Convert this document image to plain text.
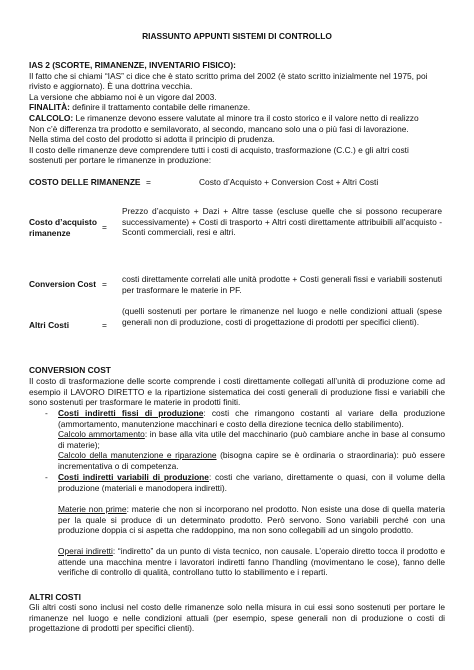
RIASSUNTO APPUNTI SISTEMI DI CONTROLLO
IAS 2 (SCORTE, RIMANENZE, INVENTARIO FISICO):
Il fatto che si chiami “IAS” ci dice che è stato scritto prima del 2002 (è stato scritto inizialmente nel 1975, poi
rivisto e aggiornato). È una dottrina vecchia.
La versione che abbiamo noi è un vigore dal 2003.
FINALITÀ: definire il trattamento contabile delle rimanenze.
CALCOLO: Le rimanenze devono essere valutate al minore tra il costo storico e il valore netto di realizzo
Non c’è differenza tra prodotto e semilavorato, al secondo, mancano solo una o più fasi di lavorazione.
Nella stima del costo del prodotto si adotta il principio di prudenza.
Il costo delle rimanenze deve comprendere tutti i costi di acquisto, trasformazione (C.C.) e gli altri costi
sostenuti per portare le rimanenze in produzione:
COSTO DELLE RIMANENZE =	Costo d’Acquisto + Conversion Cost + Altri Costi
Costo d’acquisto
rimanenze
=
Prezzo d’acquisto + Dazi + Altre tasse (escluse quelle che si possono recuperare successivamente) + Costi di trasporto + Altri costi direttamente attribuibili all’acquisto - Sconti commerciali, resi e altri.
Conversion Cost = costi direttamente correlati alle unità prodotte + Costi generali fissi e variabili sostenuti per trasformare le materie in PF.
Altri Costi	=
(quelli sostenuti per portare le rimanenze nel luogo e nelle condizioni attuali (spese generali non di produzione, costi di progettazione di prodotti per specifici clienti).
CONVERSION COST
Il costo di trasformazione delle scorte comprende i costi direttamente collegati all’unità di produzione come ad esempio il LAVORO DIRETTO e la ripartizione sistematica dei costi generali di produzione fissi e variabili che sono sostenuti per trasformare le materie in prodotti finiti.
- Costi indiretti fissi di produzione: costi che rimangono costanti al variare della produzione (ammortamento, manutenzione macchinari e costo della direzione tecnica dello stabilimento).
Calcolo ammortamento: in base alla vita utile del macchinario (può cambiare anche in base al consumo di materie);
Calcolo della manutenzione e riparazione (bisogna capire se è ordinaria o straordinaria): può essere incrementativa o di competenza.
- Costi indiretti variabili di produzione: costi che variano, direttamente o quasi, con il volume della produzione (materiali e manodopera indiretti).
Materie non prime: materie che non si incorporano nel prodotto. Non esiste una dose di quella materia per la quale si produce di un determinato prodotto. Però servono. Sono variabili perché con una produzione doppia ci si aspetta che raddoppino, ma non sono collegabili ad un singolo prodotto.
Operai indiretti: “indiretto” da un punto di vista tecnico, non causale. L’operaio diretto tocca il prodotto e attende una macchina mentre i lavoratori indiretti fanno l’handling (movimentano le cose), fanno delle verifiche di controllo di qualità, controllano tutto lo stabilimento e i reparti.
ALTRI COSTI
Gli altri costi sono inclusi nel costo delle rimanenze solo nella misura in cui essi sono sostenuti per portare le rimanenze nel luogo e nelle condizioni attuali (per esempio, spese generali non di produzione o costi di progettazione di prodotti per specifici clienti).
